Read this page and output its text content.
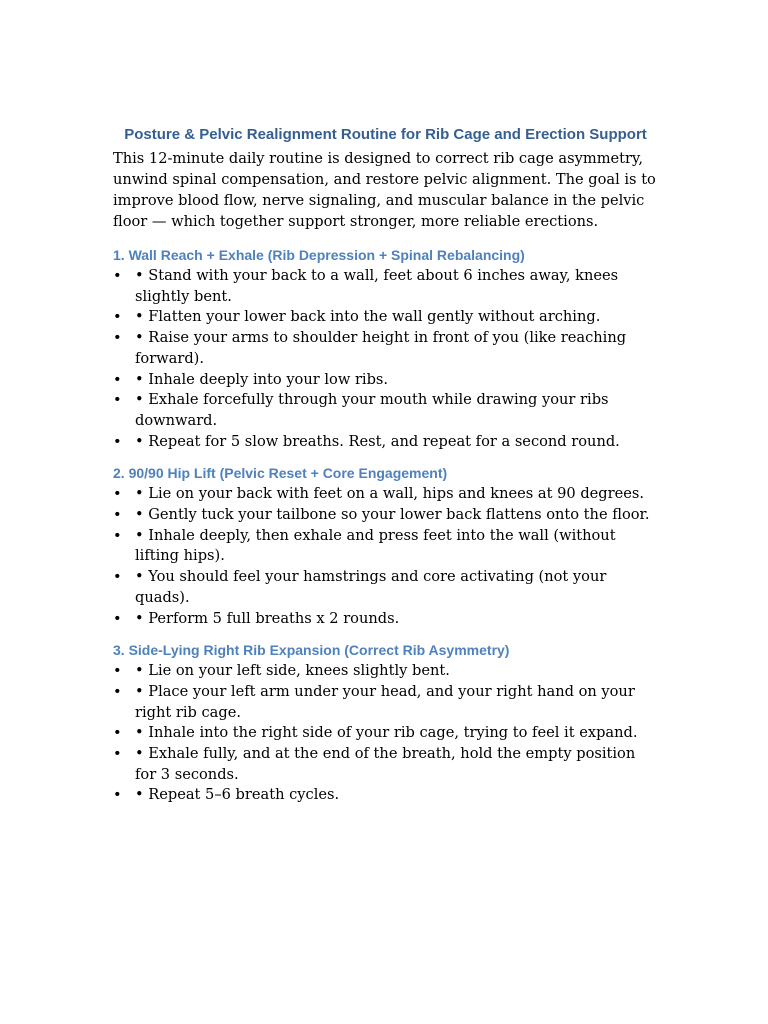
Posture & Pelvic Realignment Routine for Rib Cage and Erection Support

This 12-minute daily routine is designed to correct rib cage asymmetry, unwind spinal compensation, and restore pelvic alignment. The goal is to improve blood flow, nerve signaling, and muscular balance in the pelvic floor — which together support stronger, more reliable erections.

1. Wall Reach + Exhale (Rib Depression + Spinal Rebalancing)
• • Stand with your back to a wall, feet about 6 inches away, knees slightly bent.
• • Flatten your lower back into the wall gently without arching.
• • Raise your arms to shoulder height in front of you (like reaching forward).
• • Inhale deeply into your low ribs.
• • Exhale forcefully through your mouth while drawing your ribs downward.
• • Repeat for 5 slow breaths. Rest, and repeat for a second round.
2. 90/90 Hip Lift (Pelvic Reset + Core Engagement)
• • Lie on your back with feet on a wall, hips and knees at 90 degrees.
• • Gently tuck your tailbone so your lower back flattens onto the floor.
• • Inhale deeply, then exhale and press feet into the wall (without lifting hips).
• • You should feel your hamstrings and core activating (not your quads).
• • Perform 5 full breaths x 2 rounds.
3. Side-Lying Right Rib Expansion (Correct Rib Asymmetry)
• • Lie on your left side, knees slightly bent.
• • Place your left arm under your head, and your right hand on your right rib cage.
• • Inhale into the right side of your rib cage, trying to feel it expand.
• • Exhale fully, and at the end of the breath, hold the empty position for 3 seconds.
• • Repeat 5–6 breath cycles.
